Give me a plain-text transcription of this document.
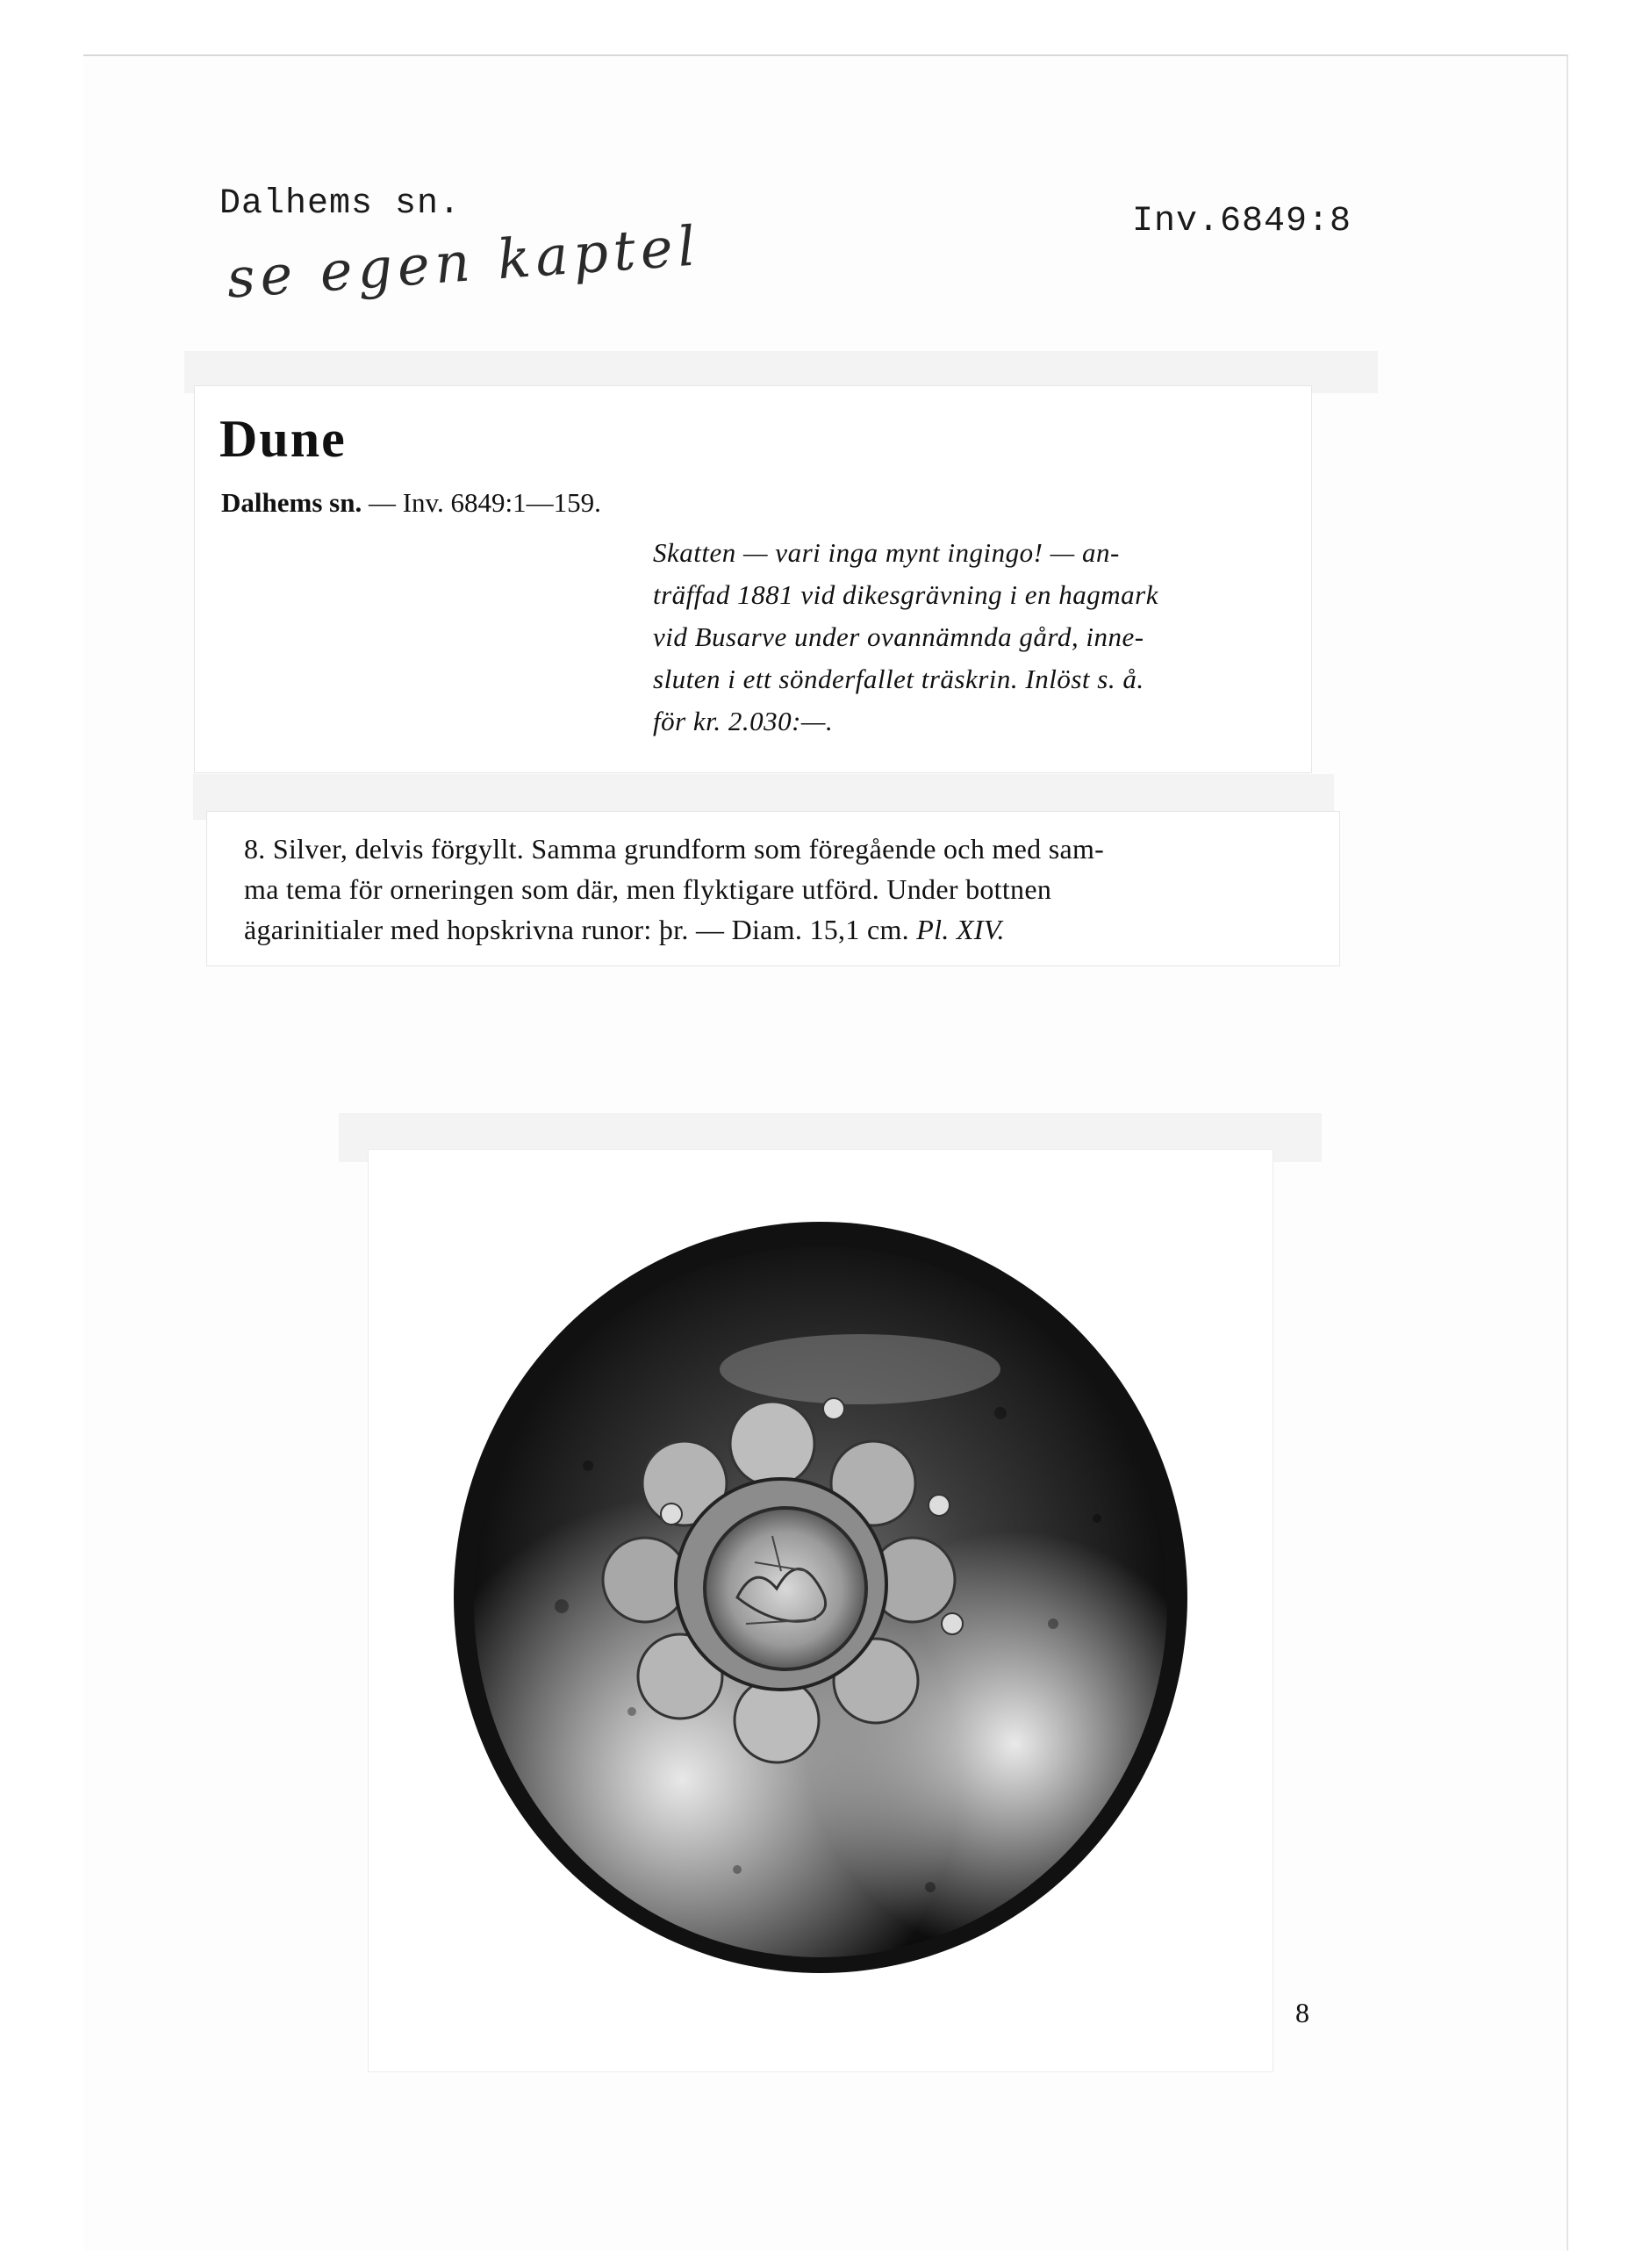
Dalhems sn.	Inv.6849:8
se egen kaptel
Dune
Dalhems sn. — Inv. 6849:1—159.
Skatten — vari inga mynt ingingo! — an-
träffad 1881 vid dikesgrävning i en hagmark
vid Busarve under ovannämnda gård, inne-
sluten i ett sönderfallet träskrin. Inlöst s. å.
för kr. 2.030:—.
8. Silver, delvis förgyllt. Samma grundform som föregående och med sam-
ma tema för orneringen som där, men flyktigare utförd. Under bottnen
ägarinitialer med hopskrivna runor: þr. — Diam. 15,1 cm. Pl. XIV.
8
